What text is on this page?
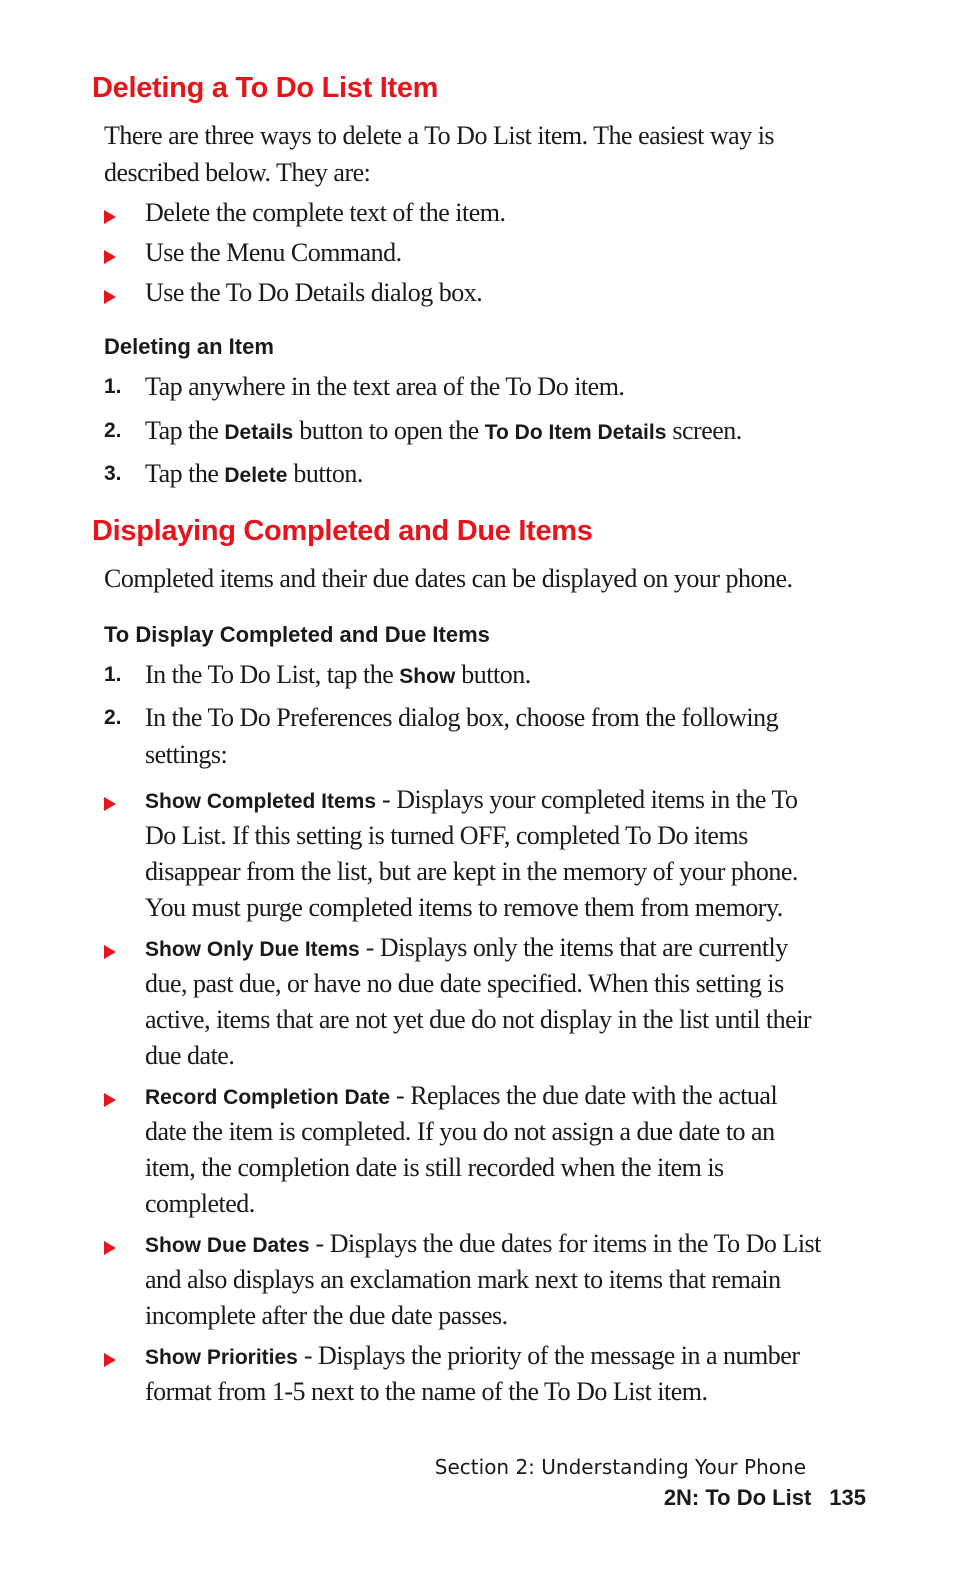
Deleting a To Do List Item

There are three ways to delete a To Do List item. The easiest way is

described below. They are:

Delete the complete text of the item.
Use the Menu Command.
Use the To Do Details dialog box.
Deleting an Item
1. Tap anywhere in the text area of the To Do item.
2. Tap the Details button to open the To Do Item Details screen.
3. Tap the Delete button.
Displaying Completed and Due Items

Completed items and their due dates can be displayed on your phone.

To Display Completed and Due Items
1. In the To Do List, tap the Show button.
2. In the To Do Preferences dialog box, choose from the following
settings:
Show Completed Items - Displays your completed items in the To
Do List. If this setting is turned OFF, completed To Do items
disappear from the list, but are kept in the memory of your phone.
You must purge completed items to remove them from memory.
Show Only Due Items - Displays only the items that are currently
due, past due, or have no due date specified. When this setting is
active, items that are not yet due do not display in the list until their
due date.
Record Completion Date - Replaces the due date with the actual
date the item is completed. If you do not assign a due date to an
item, the completion date is still recorded when the item is
completed.
Show Due Dates - Displays the due dates for items in the To Do List
and also displays an exclamation mark next to items that remain
incomplete after the due date passes.
Show Priorities - Displays the priority of the message in a number
format from 1-5 next to the name of the To Do List item.
Section 2: Understanding Your Phone
2N: To Do List 135
